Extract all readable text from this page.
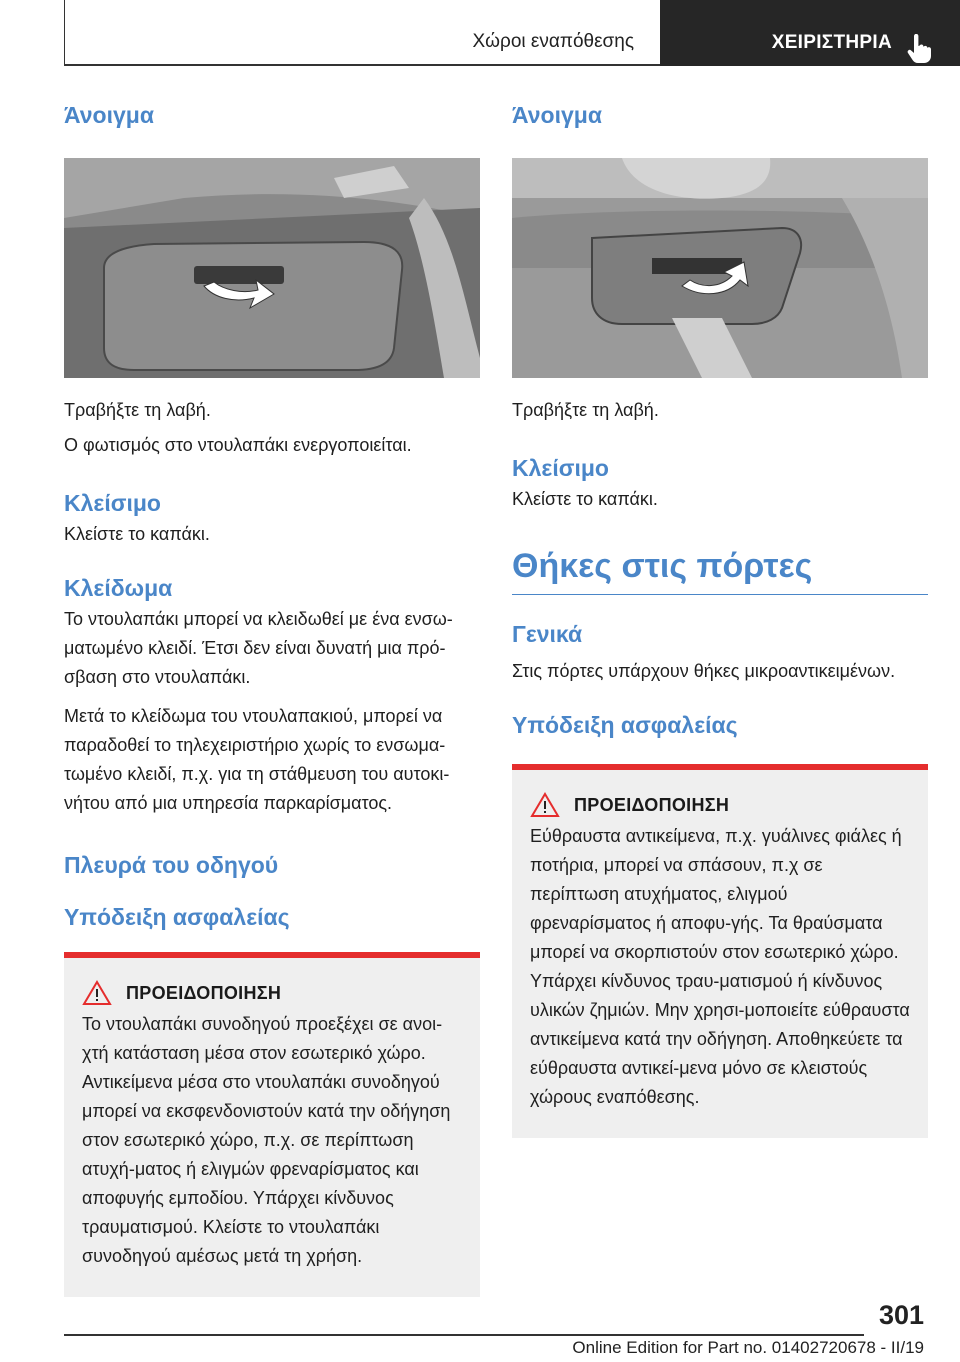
Χώροι εναπόθεσης	ΧΕΙΡΙΣΤΗΡΙΑ
Άνοιγμα
Τραβήξτε τη λαβή.
Ο φωτισμός στο ντουλαπάκι ενεργοποιείται.
Κλείσιμο
Κλείστε το καπάκι.
Κλείδωμα
Το ντουλαπάκι μπορεί να κλειδωθεί με ένα ενσω‐ματωμένο κλειδί. Έτσι δεν είναι δυνατή μια πρό‐σβαση στο ντουλαπάκι.
Μετά το κλείδωμα του ντουλαπακιού, μπορεί να παραδοθεί το τηλεχειριστήριο χωρίς το ενσωμα‐τωμένο κλειδί, π.χ. για τη στάθμευση του αυτοκι‐νήτου από μια υπηρεσία παρκαρίσματος.
Πλευρά του οδηγού
Υπόδειξη ασφαλείας
ΠΡΟΕΙΔΟΠΟΙΗΣΗ
Το ντουλαπάκι συνοδηγού προεξέχει σε ανοι‐χτή κατάσταση μέσα στον εσωτερικό χώρο. Αντικείμενα μέσα στο ντουλαπάκι συνοδηγού μπορεί να εκσφενδονιστούν κατά την οδήγηση στον εσωτερικό χώρο, π.χ. σε περίπτωση ατυχή‐ματος ή ελιγμών φρεναρίσματος και αποφυγής εμποδίου. Υπάρχει κίνδυνος τραυματισμού. Κλείστε το ντουλαπάκι συνοδηγού αμέσως μετά τη χρήση.
Άνοιγμα
Τραβήξτε τη λαβή.
Κλείσιμο
Κλείστε το καπάκι.
Θήκες στις πόρτες
Γενικά
Στις πόρτες υπάρχουν θήκες μικροαντικειμένων.
Υπόδειξη ασφαλείας
ΠΡΟΕΙΔΟΠΟΙΗΣΗ
Εύθραυστα αντικείμενα, π.χ. γυάλινες φιάλες ή ποτήρια, μπορεί να σπάσουν, π.χ σε περίπτωση ατυχήματος, ελιγμού φρεναρίσματος ή αποφυ‐γής. Τα θραύσματα μπορεί να σκορπιστούν στον εσωτερικό χώρο. Υπάρχει κίνδυνος τραυ‐ματισμού ή κίνδυνος υλικών ζημιών. Μην χρησι‐μοποιείτε εύθραυστα αντικείμενα κατά την οδήγηση. Αποθηκεύετε τα εύθραυστα αντικεί‐μενα μόνο σε κλειστούς χώρους εναπόθεσης.
301
Online Edition for Part no. 01402720678 - II/19
